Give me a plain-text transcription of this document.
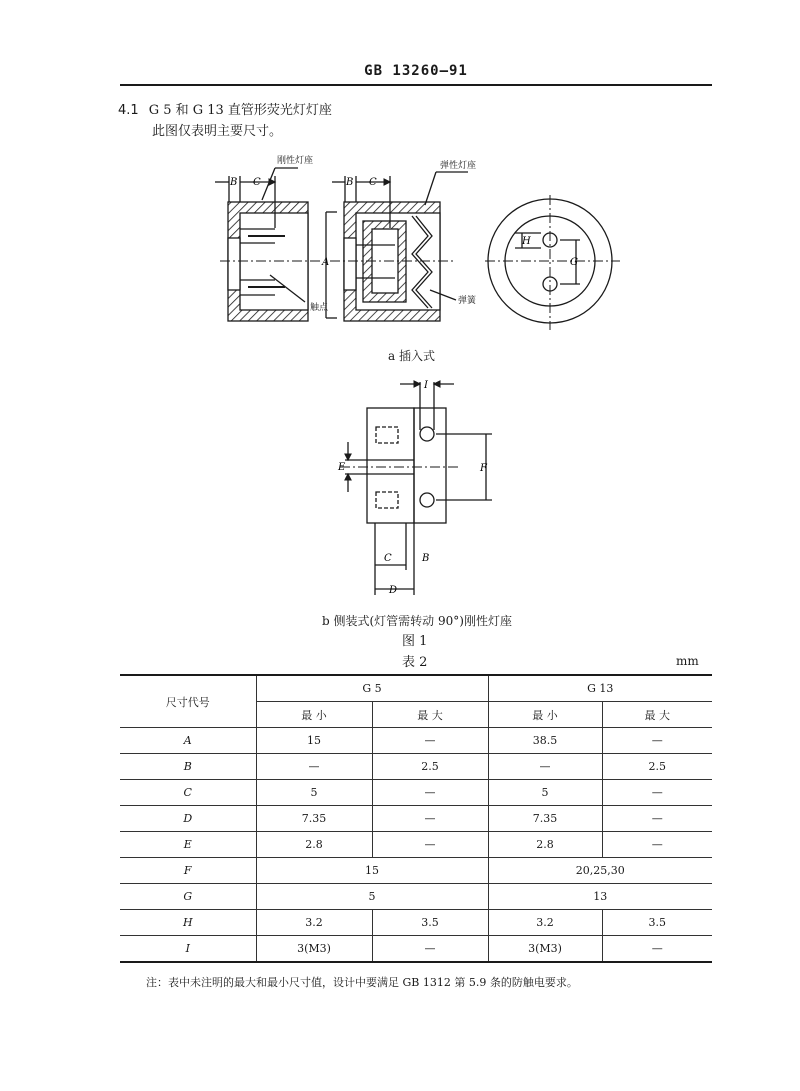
GB 13260—91
4.1 G 5 和 G 13 直管形荧光灯灯座
此图仅表明主要尺寸。
刚性灯座	弹性灯座
触点
弹簧
B C	B C
A
H
G
a 插入式
I
F
E
C	B
D
b 侧装式(灯管需转动 90°)刚性灯座
图 1
表 2	mm
尺寸代号	G 5		G 13	
	最 小	最 大	最 小	最 大
A	15	—	38.5	—
B	—	2.5	—	2.5
C	5	—	5	—
D	7.35	—	7.35	—
E	2.8	—	2.8	—
F	15		20,25,30	
G	5		13	
H	3.2	3.5	3.2	3.5
I	3(M3)	—	3(M3)	—
注：表中未注明的最大和最小尺寸值，设计中要满足 GB 1312 第 5.9 条的防触电要求。
